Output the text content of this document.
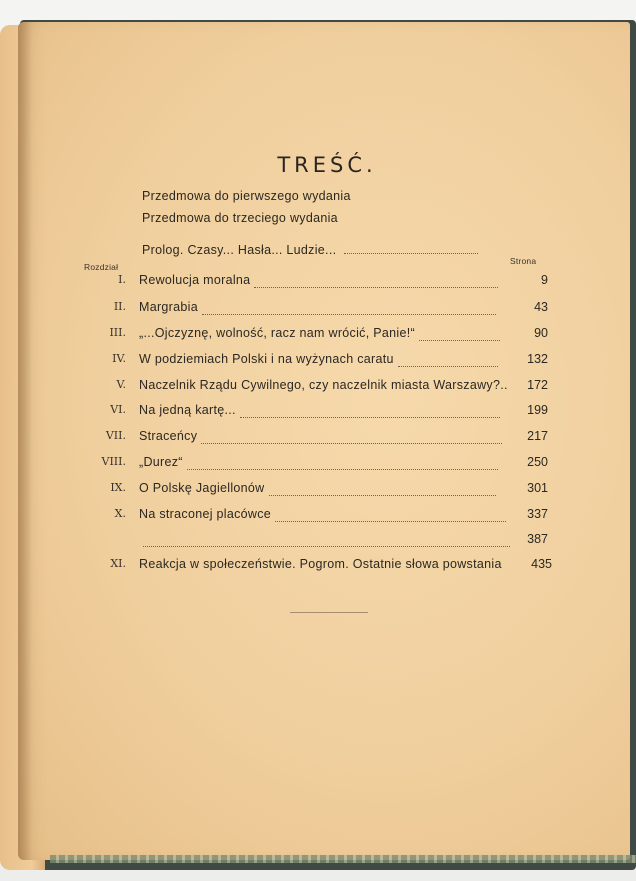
TREŚĆ.
Przedmowa do pierwszego wydania
Przedmowa do trzeciego wydania
Prolog. Czasy... Hasła... Ludzie...
Rozdział
Strona
I. Rewolucja moralna	9
II. Margrabia	43
III. „...Ojczyznę, wolność, racz nam wrócić, Panie!“	90
IV. W podziemiach Polski i na wyżynach caratu	132
V. Naczelnik Rządu Cywilnego, czy naczelnik miasta Warszawy?.. 172
VI. Na jedną kartę...	199
VII. Straceńcy	217
VIII. „Durez“	250
IX. O Polskę Jagiellonów	301
X. Na straconej placówce	337
387
XI. Reakcja w społeczeństwie. Pogrom. Ostatnie słowa powstania 435
